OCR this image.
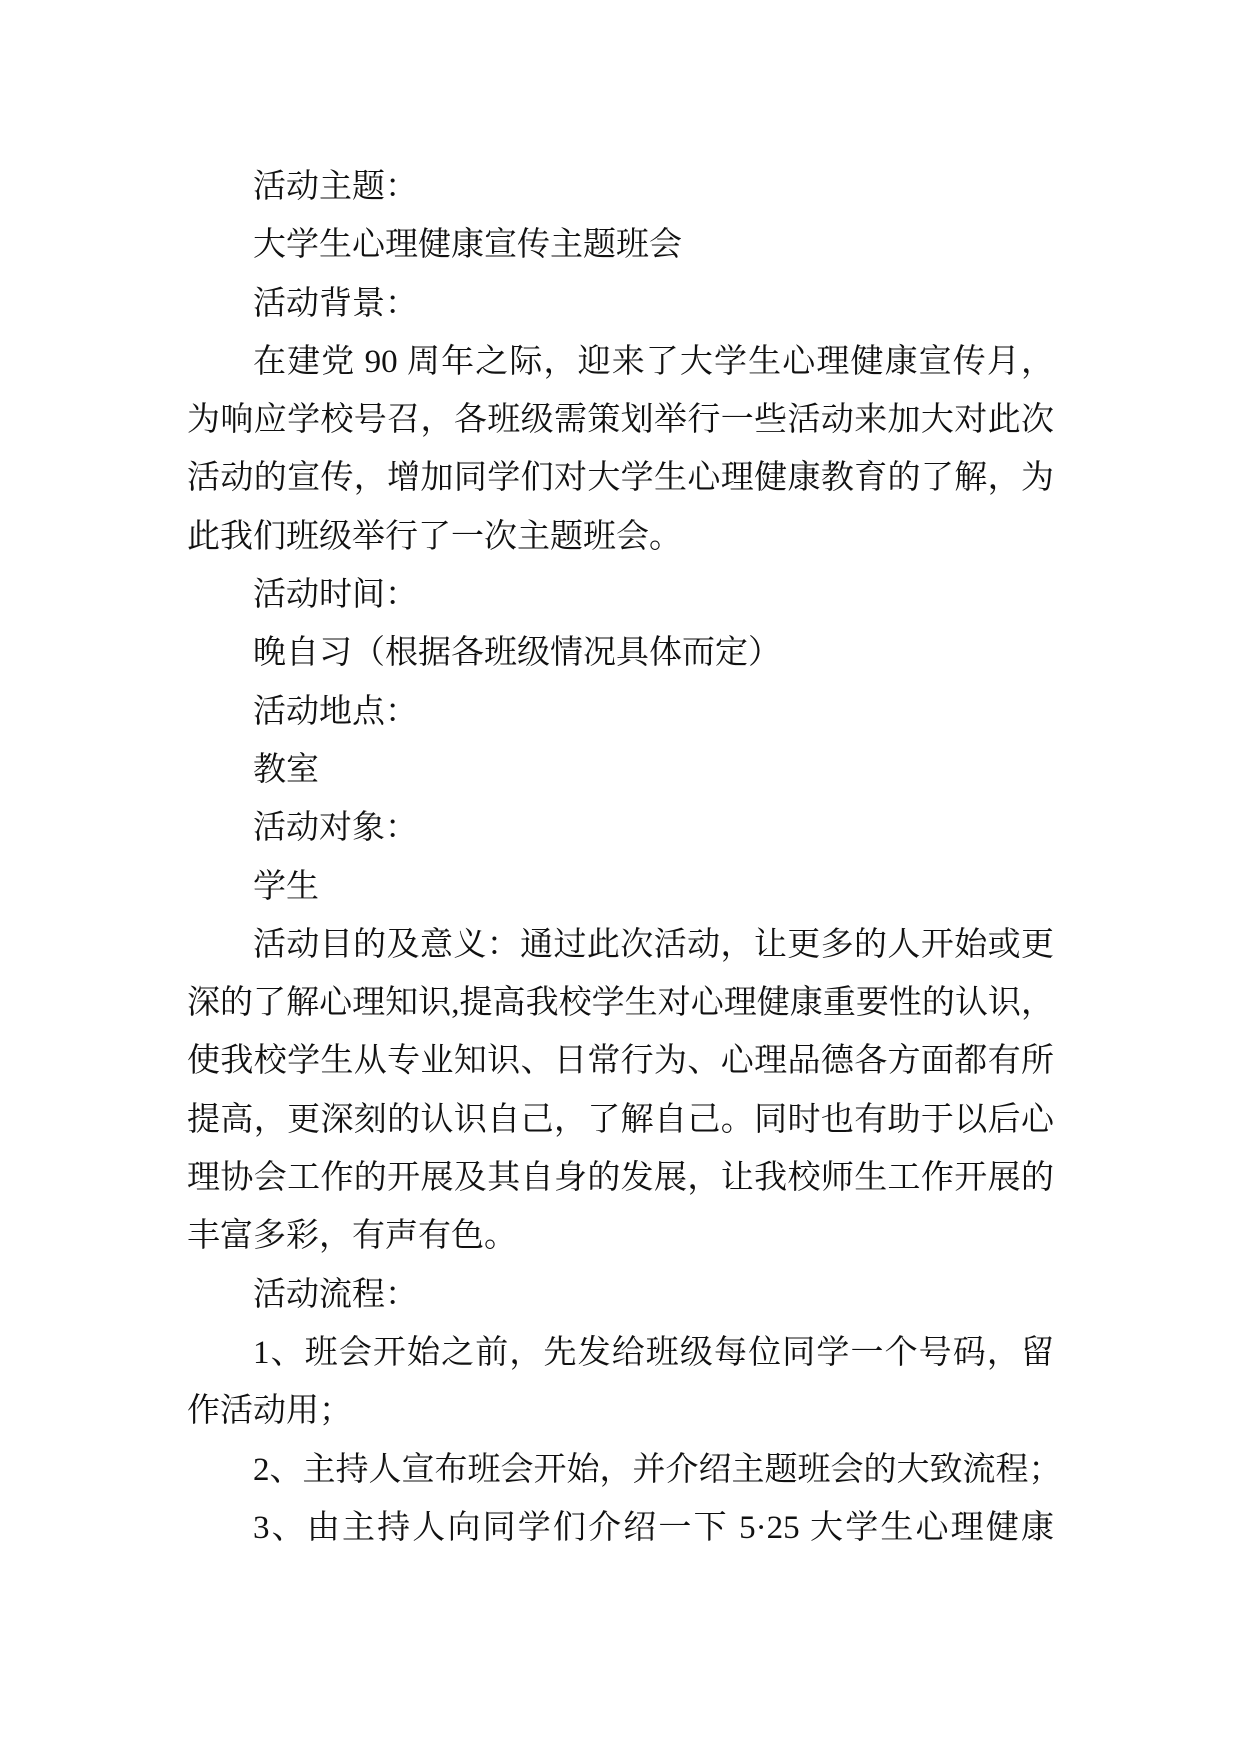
活动主题：
大学生心理健康宣传主题班会
活动背景：
在建党 90 周年之际，迎来了大学生心理健康宣传月，
为响应学校号召，各班级需策划举行一些活动来加大对此次
活动的宣传，增加同学们对大学生心理健康教育的了解，为
此我们班级举行了一次主题班会。
活动时间：
晚自习（根据各班级情况具体而定）
活动地点：
教室
活动对象：
学生
活动目的及意义：通过此次活动，让更多的人开始或更
深的了解心理知识,提高我校学生对心理健康重要性的认识，
使我校学生从专业知识、日常行为、心理品德各方面都有所
提高，更深刻的认识自己，了解自己。同时也有助于以后心
理协会工作的开展及其自身的发展，让我校师生工作开展的
丰富多彩，有声有色。
活动流程：
1、班会开始之前，先发给班级每位同学一个号码，留
作活动用；
2、主持人宣布班会开始，并介绍主题班会的大致流程；
3、由主持人向同学们介绍一下 5·25 大学生心理健康
